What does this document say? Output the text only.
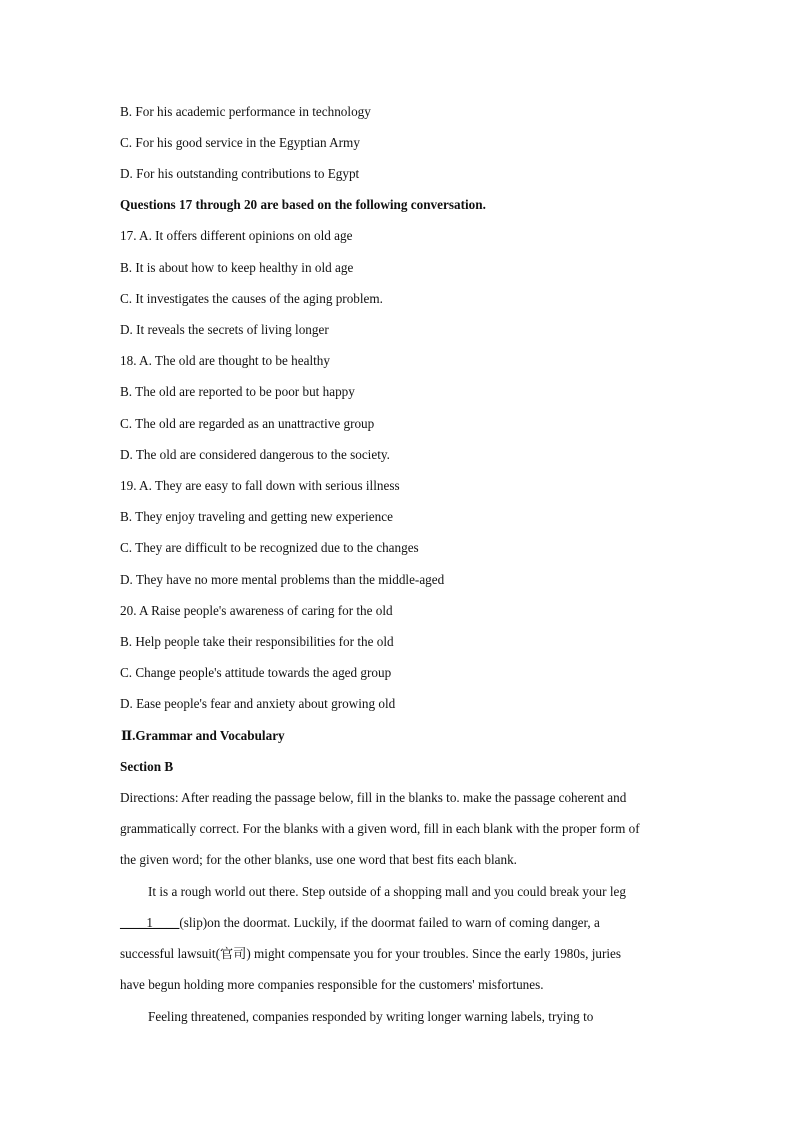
B. For his academic performance in technology
C. For his good service in the Egyptian Army
D. For his outstanding contributions to Egypt
Questions 17 through 20 are based on the following conversation.
17. A. It offers different opinions on old age
B. It is about how to keep healthy in old age
C. It investigates the causes of the aging problem.
D. It reveals the secrets of living longer
18. A. The old are thought to be healthy
B. The old are reported to be poor but happy
C. The old are regarded as an unattractive group
D. The old are considered dangerous to the society.
19. A. They are easy to fall down with serious illness
B. They enjoy traveling and getting new experience
C. They are difficult to be recognized due to the changes
D. They have no more mental problems than the middle-aged
20. A Raise people's awareness of caring for the old
B. Help people take their responsibilities for the old
C. Change people's attitude towards the aged group
D. Ease people's fear and anxiety about growing old
Ⅱ.Grammar and Vocabulary
Section B
Directions: After reading the passage below, fill in the blanks to. make the passage coherent and
grammatically correct. For the blanks with a given word, fill in each blank with the proper form of
the given word; for the other blanks, use one word that best fits each blank.
It is a rough world out there. Step outside of a shopping mall and you could break your leg
____1____(slip)on the doormat. Luckily, if the doormat failed to warn of coming danger, a
successful lawsuit(官司) might compensate you for your troubles. Since the early 1980s, juries
have begun holding more companies responsible for the customers' misfortunes.
Feeling threatened, companies responded by writing longer warning labels, trying to
